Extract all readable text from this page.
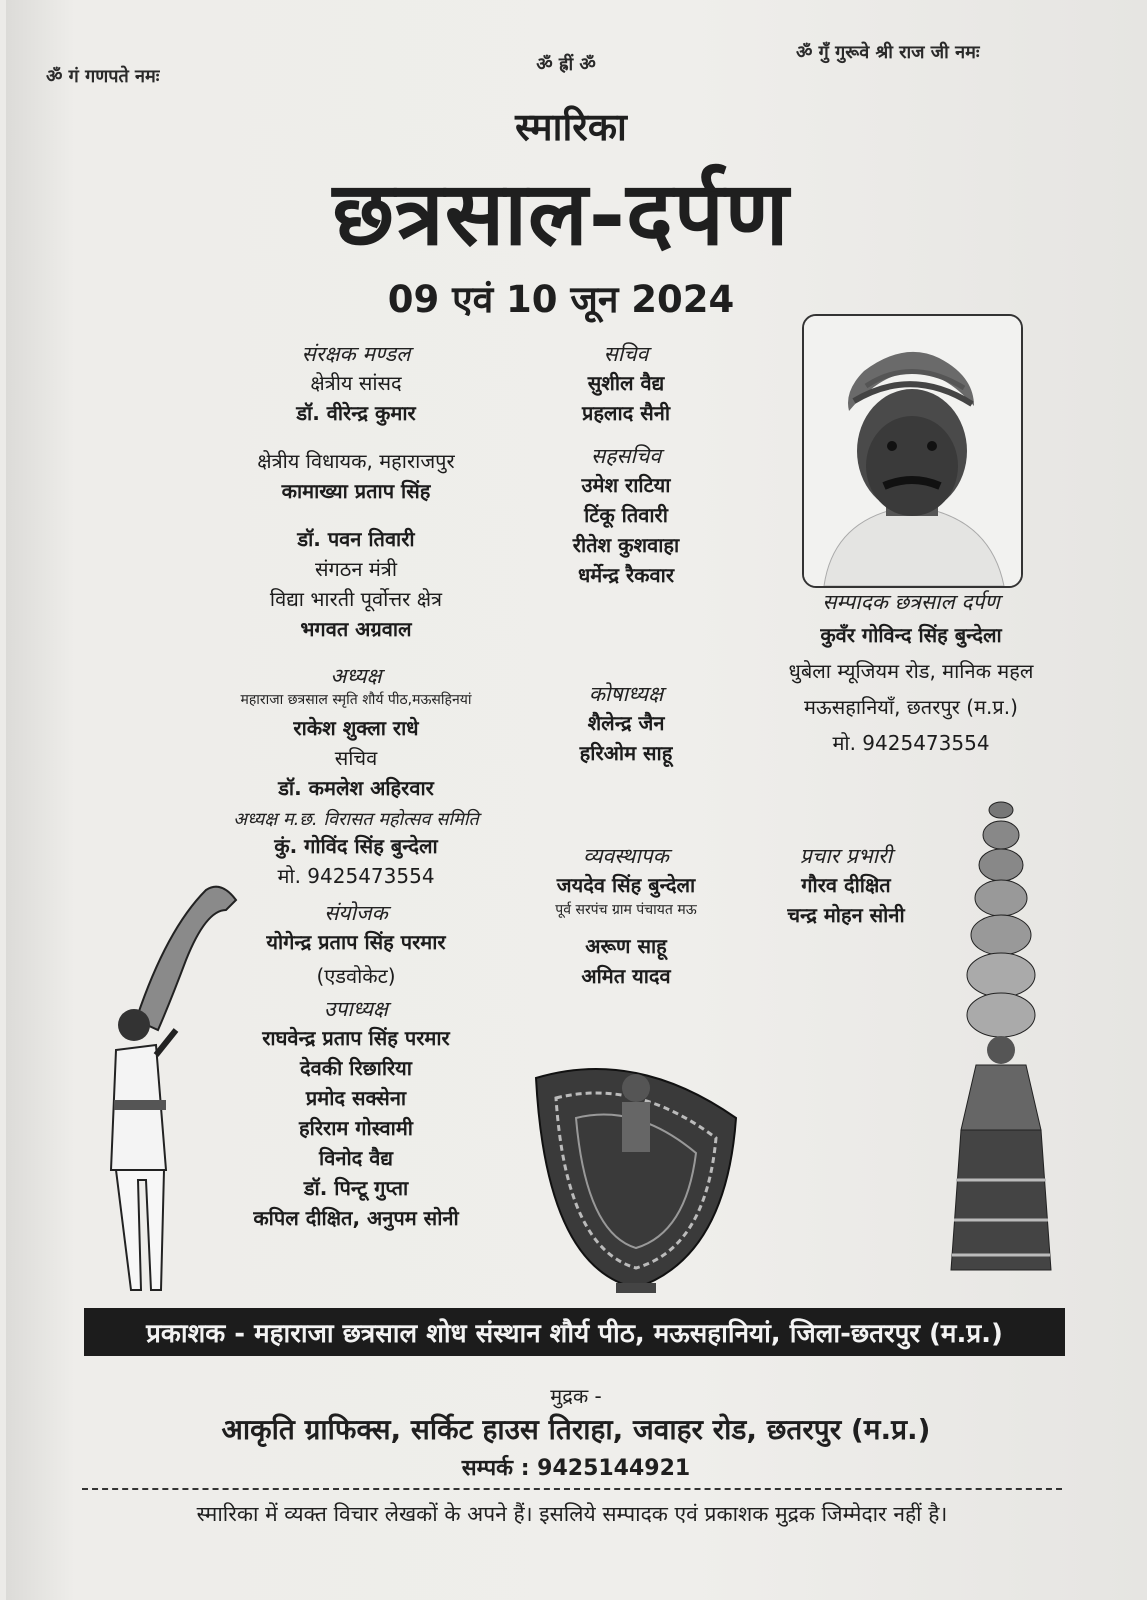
ॐ गं गणपते नमः
ॐ ह्रीं ॐ
ॐ गुँ गुरूवे श्री राज जी नमः
स्मारिका
छत्रसाल-दर्पण
09 एवं 10 जून 2024
संरक्षक मण्डल
क्षेत्रीय सांसद
डॉ. वीरेन्द्र कुमार
क्षेत्रीय विधायक, महाराजपुर
कामाख्या प्रताप सिंह
डॉ. पवन तिवारी
संगठन मंत्री
विद्या भारती पूर्वोत्तर क्षेत्र
भगवत अग्रवाल
अध्यक्ष
महाराजा छत्रसाल स्मृति शौर्य पीठ,मऊसहिनयां
राकेश शुक्ला राधे
सचिव
डॉ. कमलेश अहिरवार
अध्यक्ष म.छ. विरासत महोत्सव समिति
कुं. गोविंद सिंह बुन्देला
मो. 9425473554
संयोजक
योगेन्द्र प्रताप सिंह परमार
(एडवोकेट)
उपाध्यक्ष
राघवेन्द्र प्रताप सिंह परमार
देवकी रिछारिया
प्रमोद सक्सेना
हरिराम गोस्वामी
विनोद वैद्य
डॉ. पिन्टू गुप्ता
कपिल दीक्षित, अनुपम सोनी
सचिव
सुशील वैद्य
प्रहलाद सैनी
सहसचिव
उमेश राटिया
टिंकू तिवारी
रीतेश कुशवाहा
धर्मेन्द्र रैकवार
कोषाध्यक्ष
शैलेन्द्र जैन
हरिओम साहू
व्यवस्थापक
जयदेव सिंह बुन्देला
पूर्व सरपंच ग्राम पंचायत मऊ
अरूण साहू
अमित यादव
सम्पादक छत्रसाल दर्पण
कुवँर गोविन्द सिंह बुन्देला
धुबेला म्यूजियम रोड, मानिक महल
मऊसहानियाँ, छतरपुर (म.प्र.)
मो. 9425473554
प्रचार प्रभारी
गौरव दीक्षित
चन्द्र मोहन सोनी
प्रकाशक - महाराजा छत्रसाल शोध संस्थान शौर्य पीठ, मऊसहानियां, जिला-छतरपुर (म.प्र.)
मुद्रक -
आकृति ग्राफिक्स, सर्किट हाउस तिराहा, जवाहर रोड, छतरपुर (म.प्र.)
सम्पर्क : 9425144921
स्मारिका में व्यक्त विचार लेखकों के अपने हैं। इसलिये सम्पादक एवं प्रकाशक मुद्रक जिम्मेदार नहीं है।
